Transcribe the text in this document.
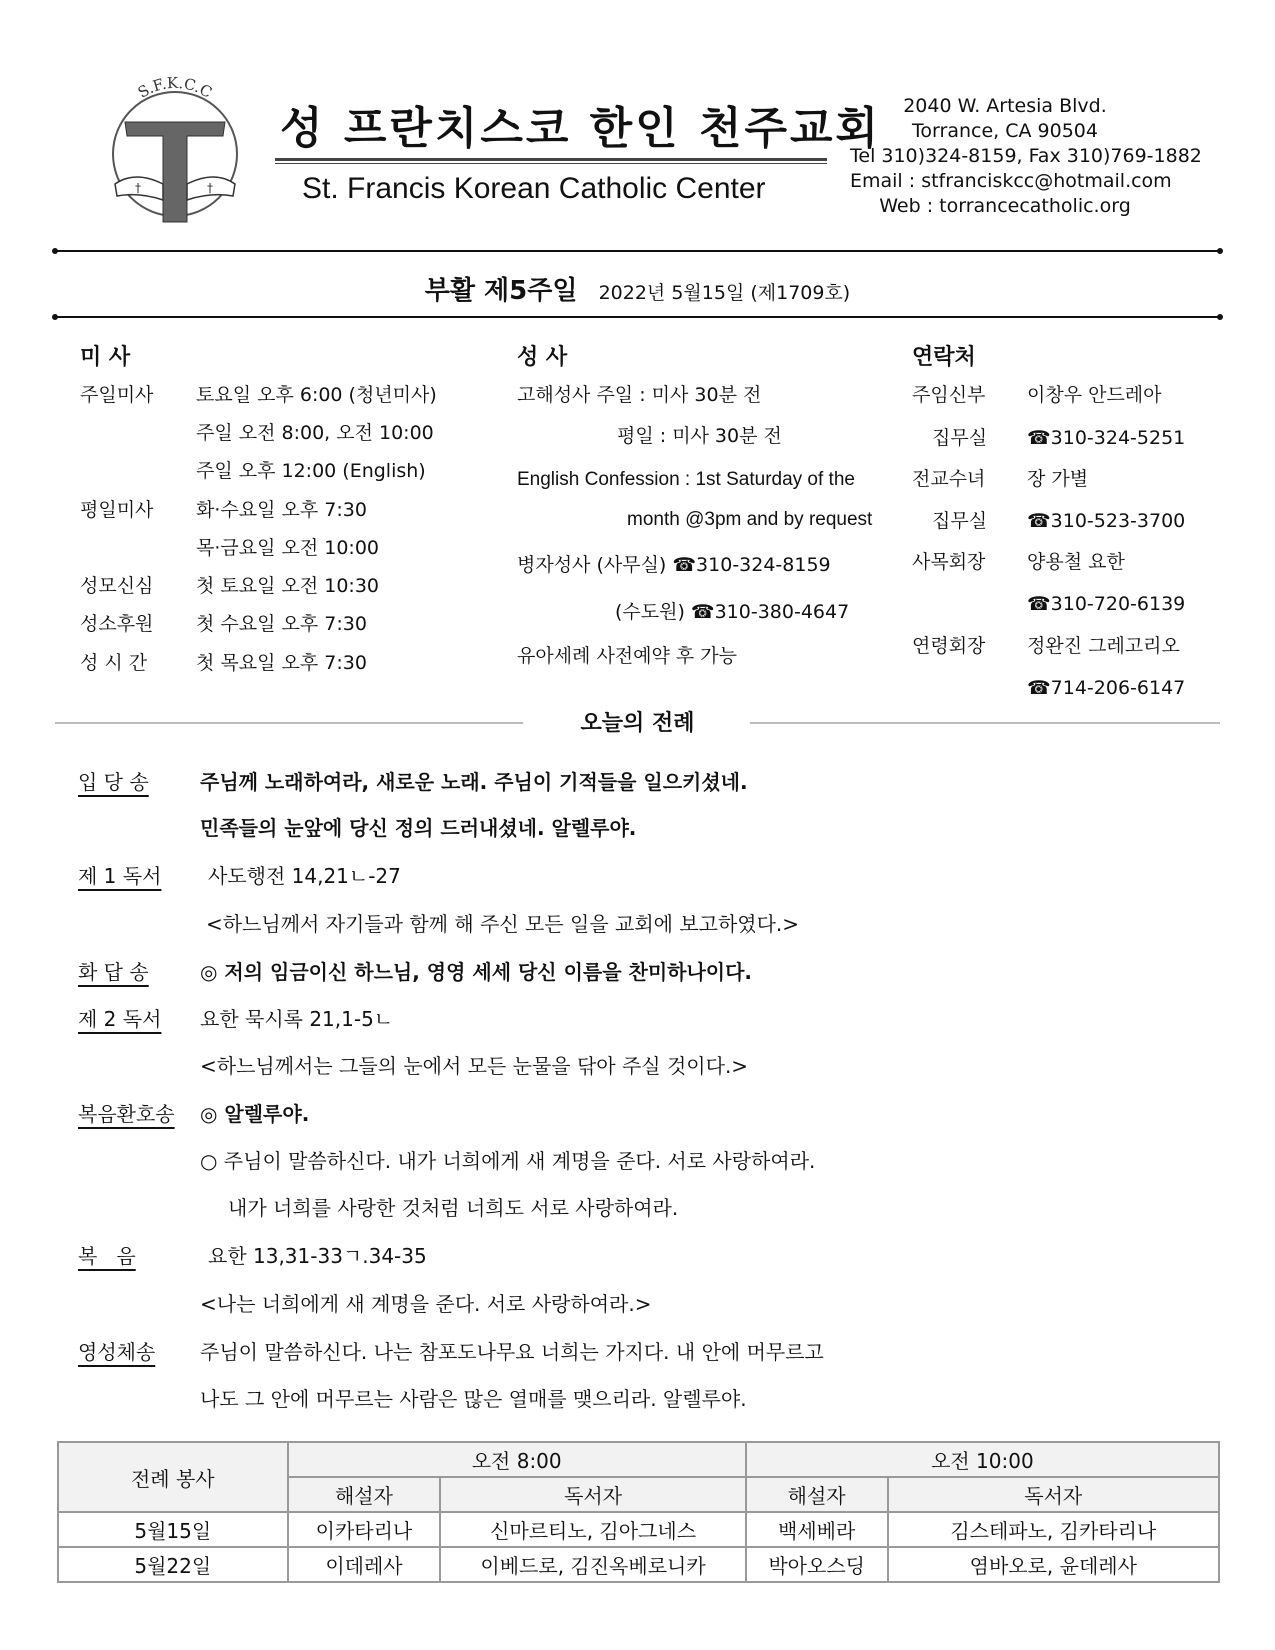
S.F.K.C.C
†	†
성 프란치스코 한인 천주교회
St. Francis Korean Catholic Center
2040 W. Artesia Blvd.
Torrance, CA 90504
Tel 310)324-8159, Fax 310)769-1882
Email : stfranciskcc@hotmail.com
Web : torrancecatholic.org
부활 제5주일 2022년 5월15일 (제1709호)
미 사
주일미사 토요일 오후 6:00 (청년미사)
주일 오전 8:00, 오전 10:00
주일 오후 12:00 (English)
평일미사 화·수요일 오후 7:30
목·금요일 오전 10:00
성모신심 첫 토요일 오전 10:30
성소후원 첫 수요일 오후 7:30
성 시 간	첫 목요일 오후 7:30
성 사
고해성사 주일 : 미사 30분 전
평일 : 미사 30분 전
English Confession : 1st Saturday of the
month @3pm and by request
병자성사 (사무실) ☎310-324-8159
(수도원) ☎310-380-4647
유아세례 사전예약 후 가능
연락처
주임신부 이창우 안드레아
집무실 ☎310-324-5251
전교수녀 장 가별
집무실 ☎310-523-3700
사목회장 양용철 요한
☎310-720-6139
연령회장 정완진 그레고리오
☎714-206-6147
오늘의 전례
입 당 송	주님께 노래하여라, 새로운 노래. 주님이 기적들을 일으키셨네.
민족들의 눈앞에 당신 정의 드러내셨네. 알렐루야.
제 1 독서 사도행전 14,21ㄴ-27
<하느님께서 자기들과 함께 해 주신 모든 일을 교회에 보고하였다.>
화 답 송	◎ 저의 임금이신 하느님, 영영 세세 당신 이름을 찬미하나이다.
제 2 독서 요한 묵시록 21,1-5ㄴ
<하느님께서는 그들의 눈에서 모든 눈물을 닦아 주실 것이다.>
복음환호송 ◎ 알렐루야.
○ 주님이 말씀하신다. 내가 너희에게 새 계명을 준다. 서로 사랑하여라.
내가 너희를 사랑한 것처럼 너희도 서로 사랑하여라.
복   음	요한 13,31-33ㄱ.34-35
<나는 너희에게 새 계명을 준다. 서로 사랑하여라.>
영성체송 주님이 말씀하신다. 나는 참포도나무요 너희는 가지다. 내 안에 머무르고
나도 그 안에 머무르는 사람은 많은 열매를 맺으리라. 알렐루야.
전례 봉사	오전 8:00		오전 10:00	
	해설자	독서자	해설자	독서자
5월15일	이카타리나	신마르티노, 김아그네스	백세베라	김스테파노, 김카타리나
5월22일	이데레사	이베드로, 김진옥베로니카	박아오스딩	염바오로, 윤데레사
